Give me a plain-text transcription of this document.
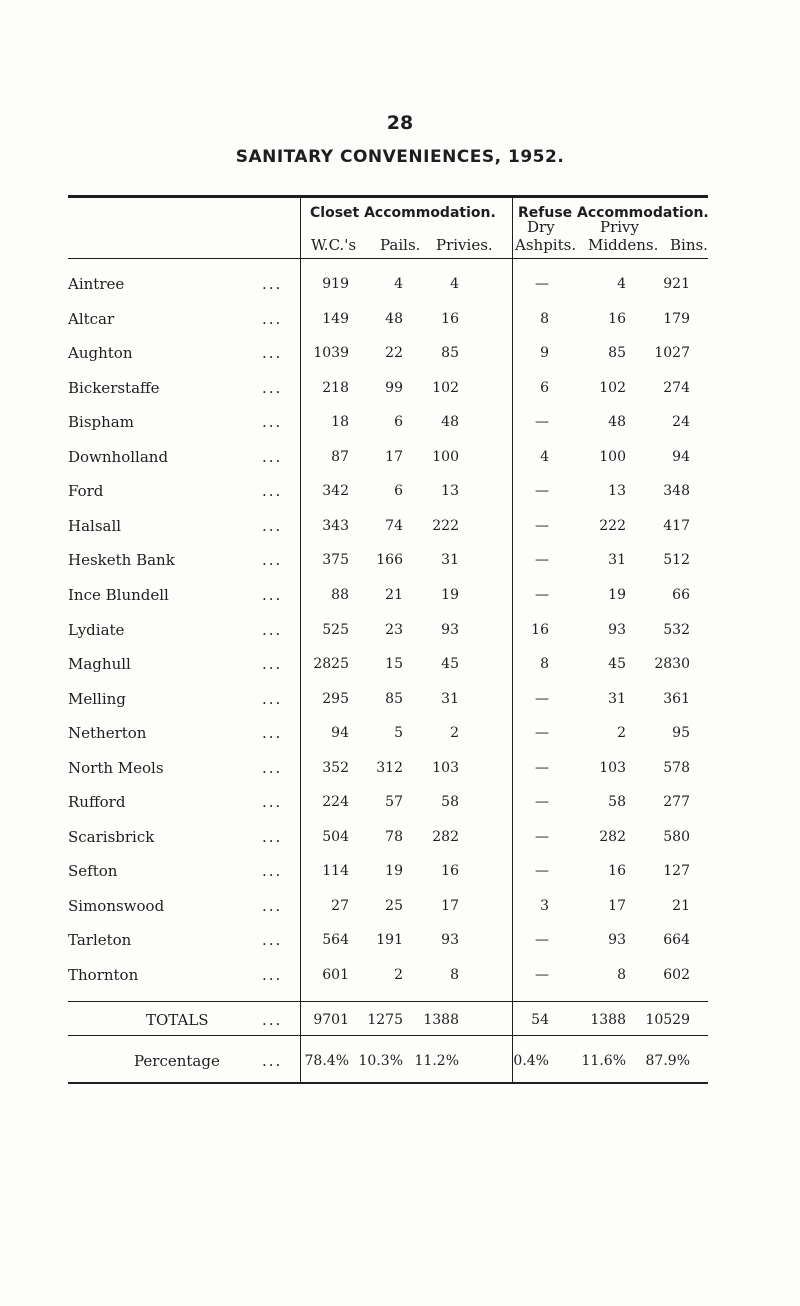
28
SANITARY CONVENIENCES, 1952.
Closet Accommodation. Refuse Accommodation.
W.C.'s Pails. Privies.
Dry
Ashpits.
Privy
Middens. Bins.
Aintree	...	919	4	4	—	4	921
Altcar	...	149	48	16	8	16	179
Aughton	...	1039	22	85	9	85	1027
Bickerstaffe	...	218	99	102	6	102	274
Bispham	...	18	6	48	—	48	24
Downholland	...	87	17	100	4	100	94
Ford	...	342	6	13	—	13	348
Halsall	...	343	74	222	—	222	417
Hesketh Bank	...	375	166	31	—	31	512
Ince Blundell	...	88	21	19	—	19	66
Lydiate	...	525	23	93	16	93	532
Maghull	...	2825	15	45	8	45	2830
Melling	...	295	85	31	—	31	361
Netherton	...	94	5	2	—	2	95
North Meols	...	352	312	103	—	103	578
Rufford	...	224	57	58	—	58	277
Scarisbrick	...	504	78	282	—	282	580
Sefton	...	114	19	16	—	16	127
Simonswood	...	27	25	17	3	17	21
Tarleton	...	564	191	93	—	93	664
Thornton	...	601	2	8	—	8	602
TOTALS	...	9701	1275	1388	54	1388	10529
Percentage	...	78.4% 10.3% 11.2%	0.4%	11.6%	87.9%
